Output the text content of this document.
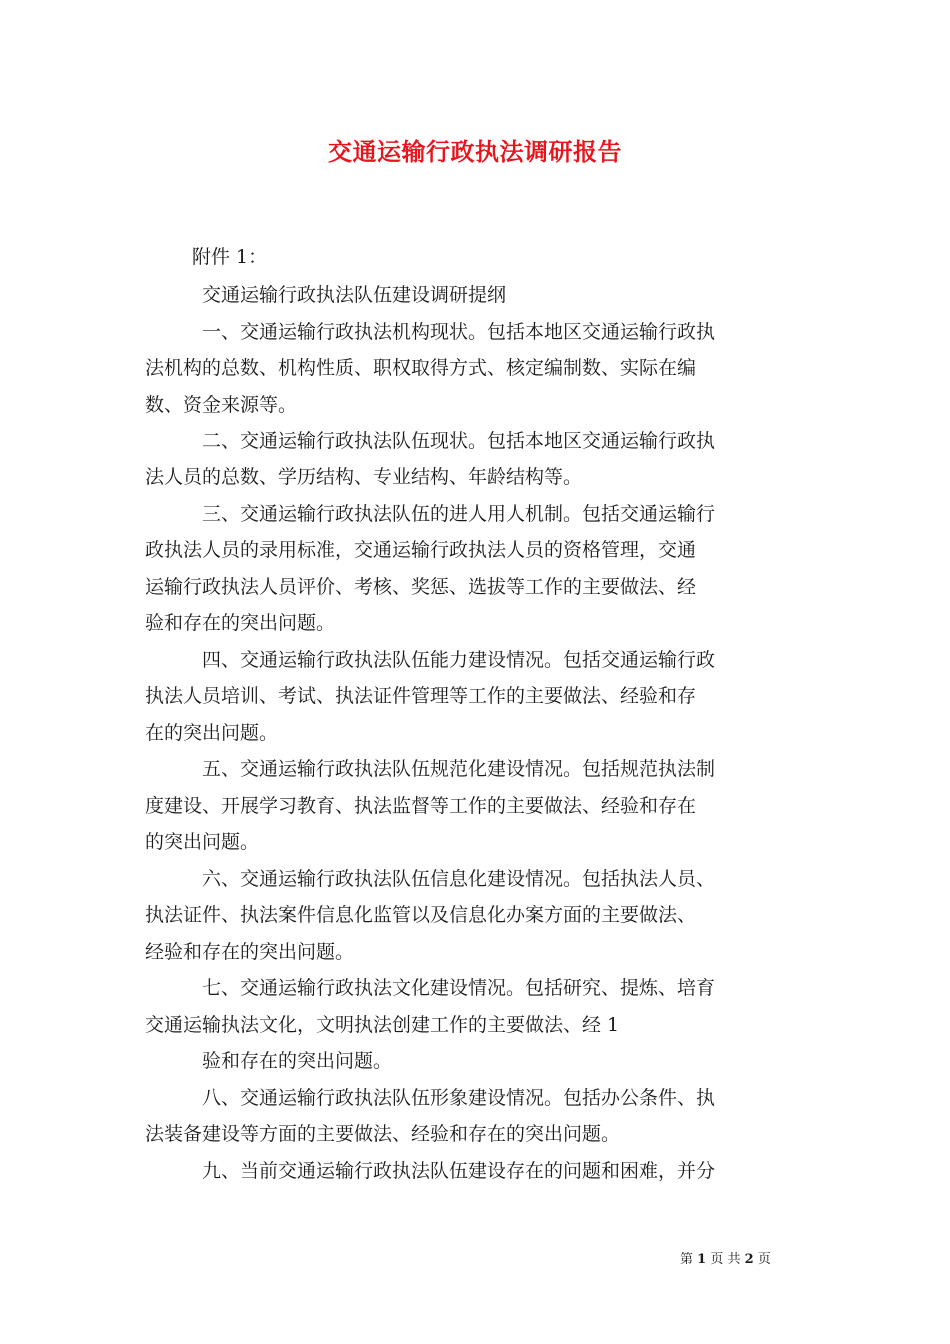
交通运输行政执法调研报告
附件 1：
交通运输行政执法队伍建设调研提纲
一、交通运输行政执法机构现状。包括本地区交通运输行政执
法机构的总数、机构性质、职权取得方式、核定编制数、实际在编
数、资金来源等。
二、交通运输行政执法队伍现状。包括本地区交通运输行政执
法人员的总数、学历结构、专业结构、年龄结构等。
三、交通运输行政执法队伍的进人用人机制。包括交通运输行
政执法人员的录用标准，交通运输行政执法人员的资格管理，交通
运输行政执法人员评价、考核、奖惩、选拔等工作的主要做法、经
验和存在的突出问题。
四、交通运输行政执法队伍能力建设情况。包括交通运输行政
执法人员培训、考试、执法证件管理等工作的主要做法、经验和存
在的突出问题。
五、交通运输行政执法队伍规范化建设情况。包括规范执法制
度建设、开展学习教育、执法监督等工作的主要做法、经验和存在
的突出问题。
六、交通运输行政执法队伍信息化建设情况。包括执法人员、
执法证件、执法案件信息化监管以及信息化办案方面的主要做法、
经验和存在的突出问题。
七、交通运输行政执法文化建设情况。包括研究、提炼、培育
交通运输执法文化，文明执法创建工作的主要做法、经 1
验和存在的突出问题。
八、交通运输行政执法队伍形象建设情况。包括办公条件、执
法装备建设等方面的主要做法、经验和存在的突出问题。
九、当前交通运输行政执法队伍建设存在的问题和困难，并分
第 1 页 共 2 页
